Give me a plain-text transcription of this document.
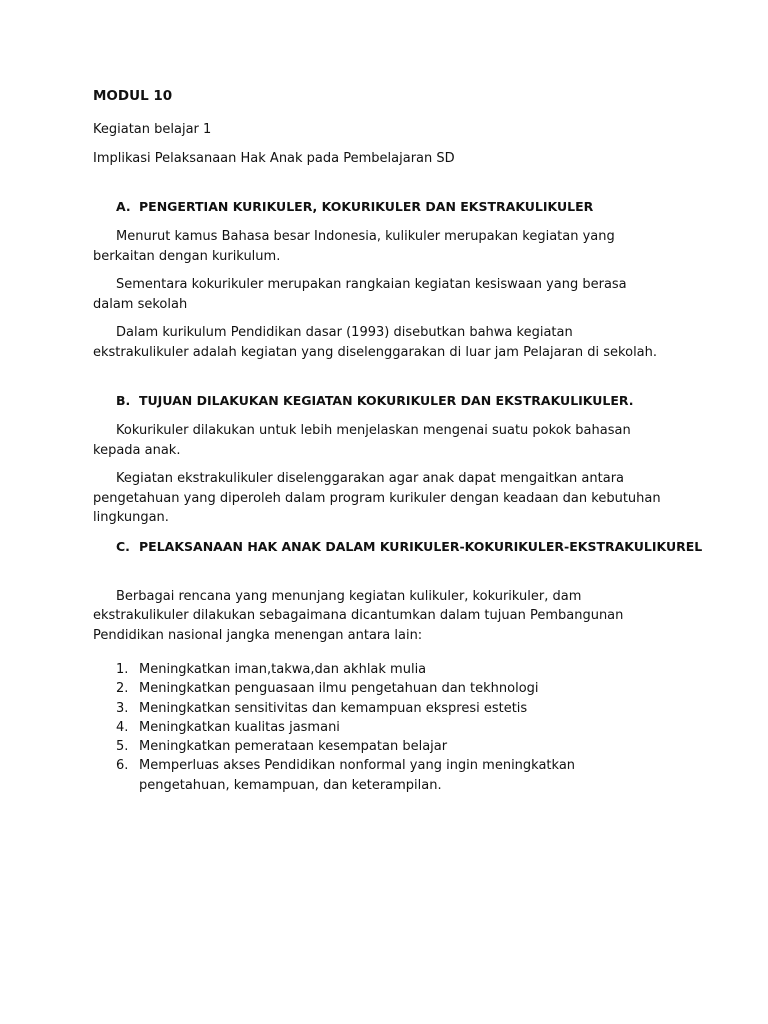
MODUL 10
Kegiatan belajar 1
Implikasi Pelaksanaan Hak Anak pada Pembelajaran SD
A. PENGERTIAN KURIKULER, KOKURIKULER DAN EKSTRAKULIKULER

Menurut kamus Bahasa besar Indonesia, kulikuler merupakan kegiatan yang berkaitan dengan kurikulum.

Sementara kokurikuler merupakan rangkaian kegiatan kesiswaan yang berasa dalam sekolah

Dalam kurikulum Pendidikan dasar (1993) disebutkan bahwa kegiatan ekstrakulikuler adalah kegiatan yang diselenggarakan di luar jam Pelajaran di sekolah.

B. TUJUAN DILAKUKAN KEGIATAN KOKURIKULER DAN EKSTRAKULIKULER.

Kokurikuler dilakukan untuk lebih menjelaskan mengenai suatu pokok bahasan kepada anak.

Kegiatan ekstrakulikuler diselenggarakan agar anak dapat mengaitkan antara pengetahuan yang diperoleh dalam program kurikuler dengan keadaan dan kebutuhan lingkungan.

C. PELAKSANAAN HAK ANAK DALAM KURIKULER-KOKURIKULER-EKSTRAKULIKUREL

Berbagai rencana yang menunjang kegiatan kulikuler, kokurikuler, dam ekstrakulikuler dilakukan sebagaimana dicantumkan dalam tujuan Pembangunan Pendidikan nasional jangka menengan antara lain:

1. Meningkatkan iman,takwa,dan akhlak mulia
2. Meningkatkan penguasaan ilmu pengetahuan dan tekhnologi
3. Meningkatkan sensitivitas dan kemampuan ekspresi estetis
4. Meningkatkan kualitas jasmani
5. Meningkatkan pemerataan kesempatan belajar
6. Memperluas akses Pendidikan nonformal yang ingin meningkatkan pengetahuan, kemampuan, dan keterampilan.
